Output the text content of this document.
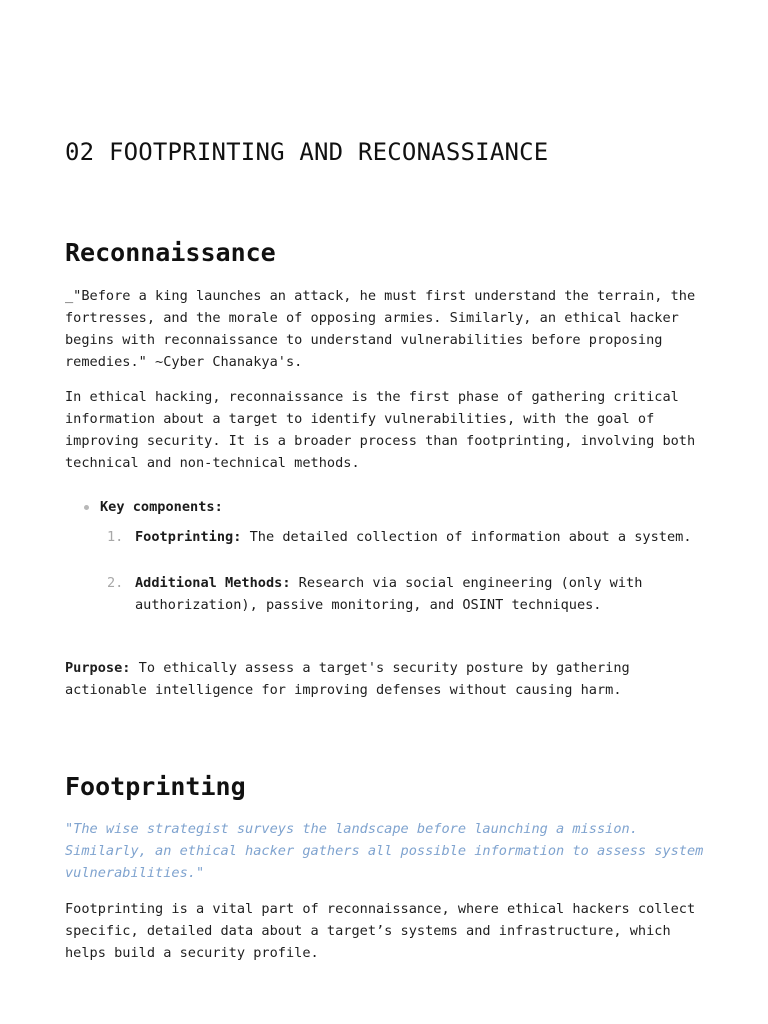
02 FOOTPRINTING AND RECONASSIANCE
Reconnaissance

_"Before a king launches an attack, he must first understand the terrain, the fortresses, and the morale of opposing armies. Similarly, an ethical hacker begins with reconnaissance to understand vulnerabilities before proposing remedies." ~Cyber Chanakya's.

In ethical hacking, reconnaissance is the first phase of gathering critical information about a target to identify vulnerabilities, with the goal of improving security. It is a broader process than footprinting, involving both technical and non-technical methods.

Key components:
1. Footprinting: The detailed collection of information about a system.
2. Additional Methods: Research via social engineering (only with authorization), passive monitoring, and OSINT techniques.

Purpose: To ethically assess a target's security posture by gathering actionable intelligence for improving defenses without causing harm.

Footprinting

"The wise strategist surveys the landscape before launching a mission. Similarly, an ethical hacker gathers all possible information to assess system vulnerabilities."

Footprinting is a vital part of reconnaissance, where ethical hackers collect specific, detailed data about a target’s systems and infrastructure, which helps build a security profile.
